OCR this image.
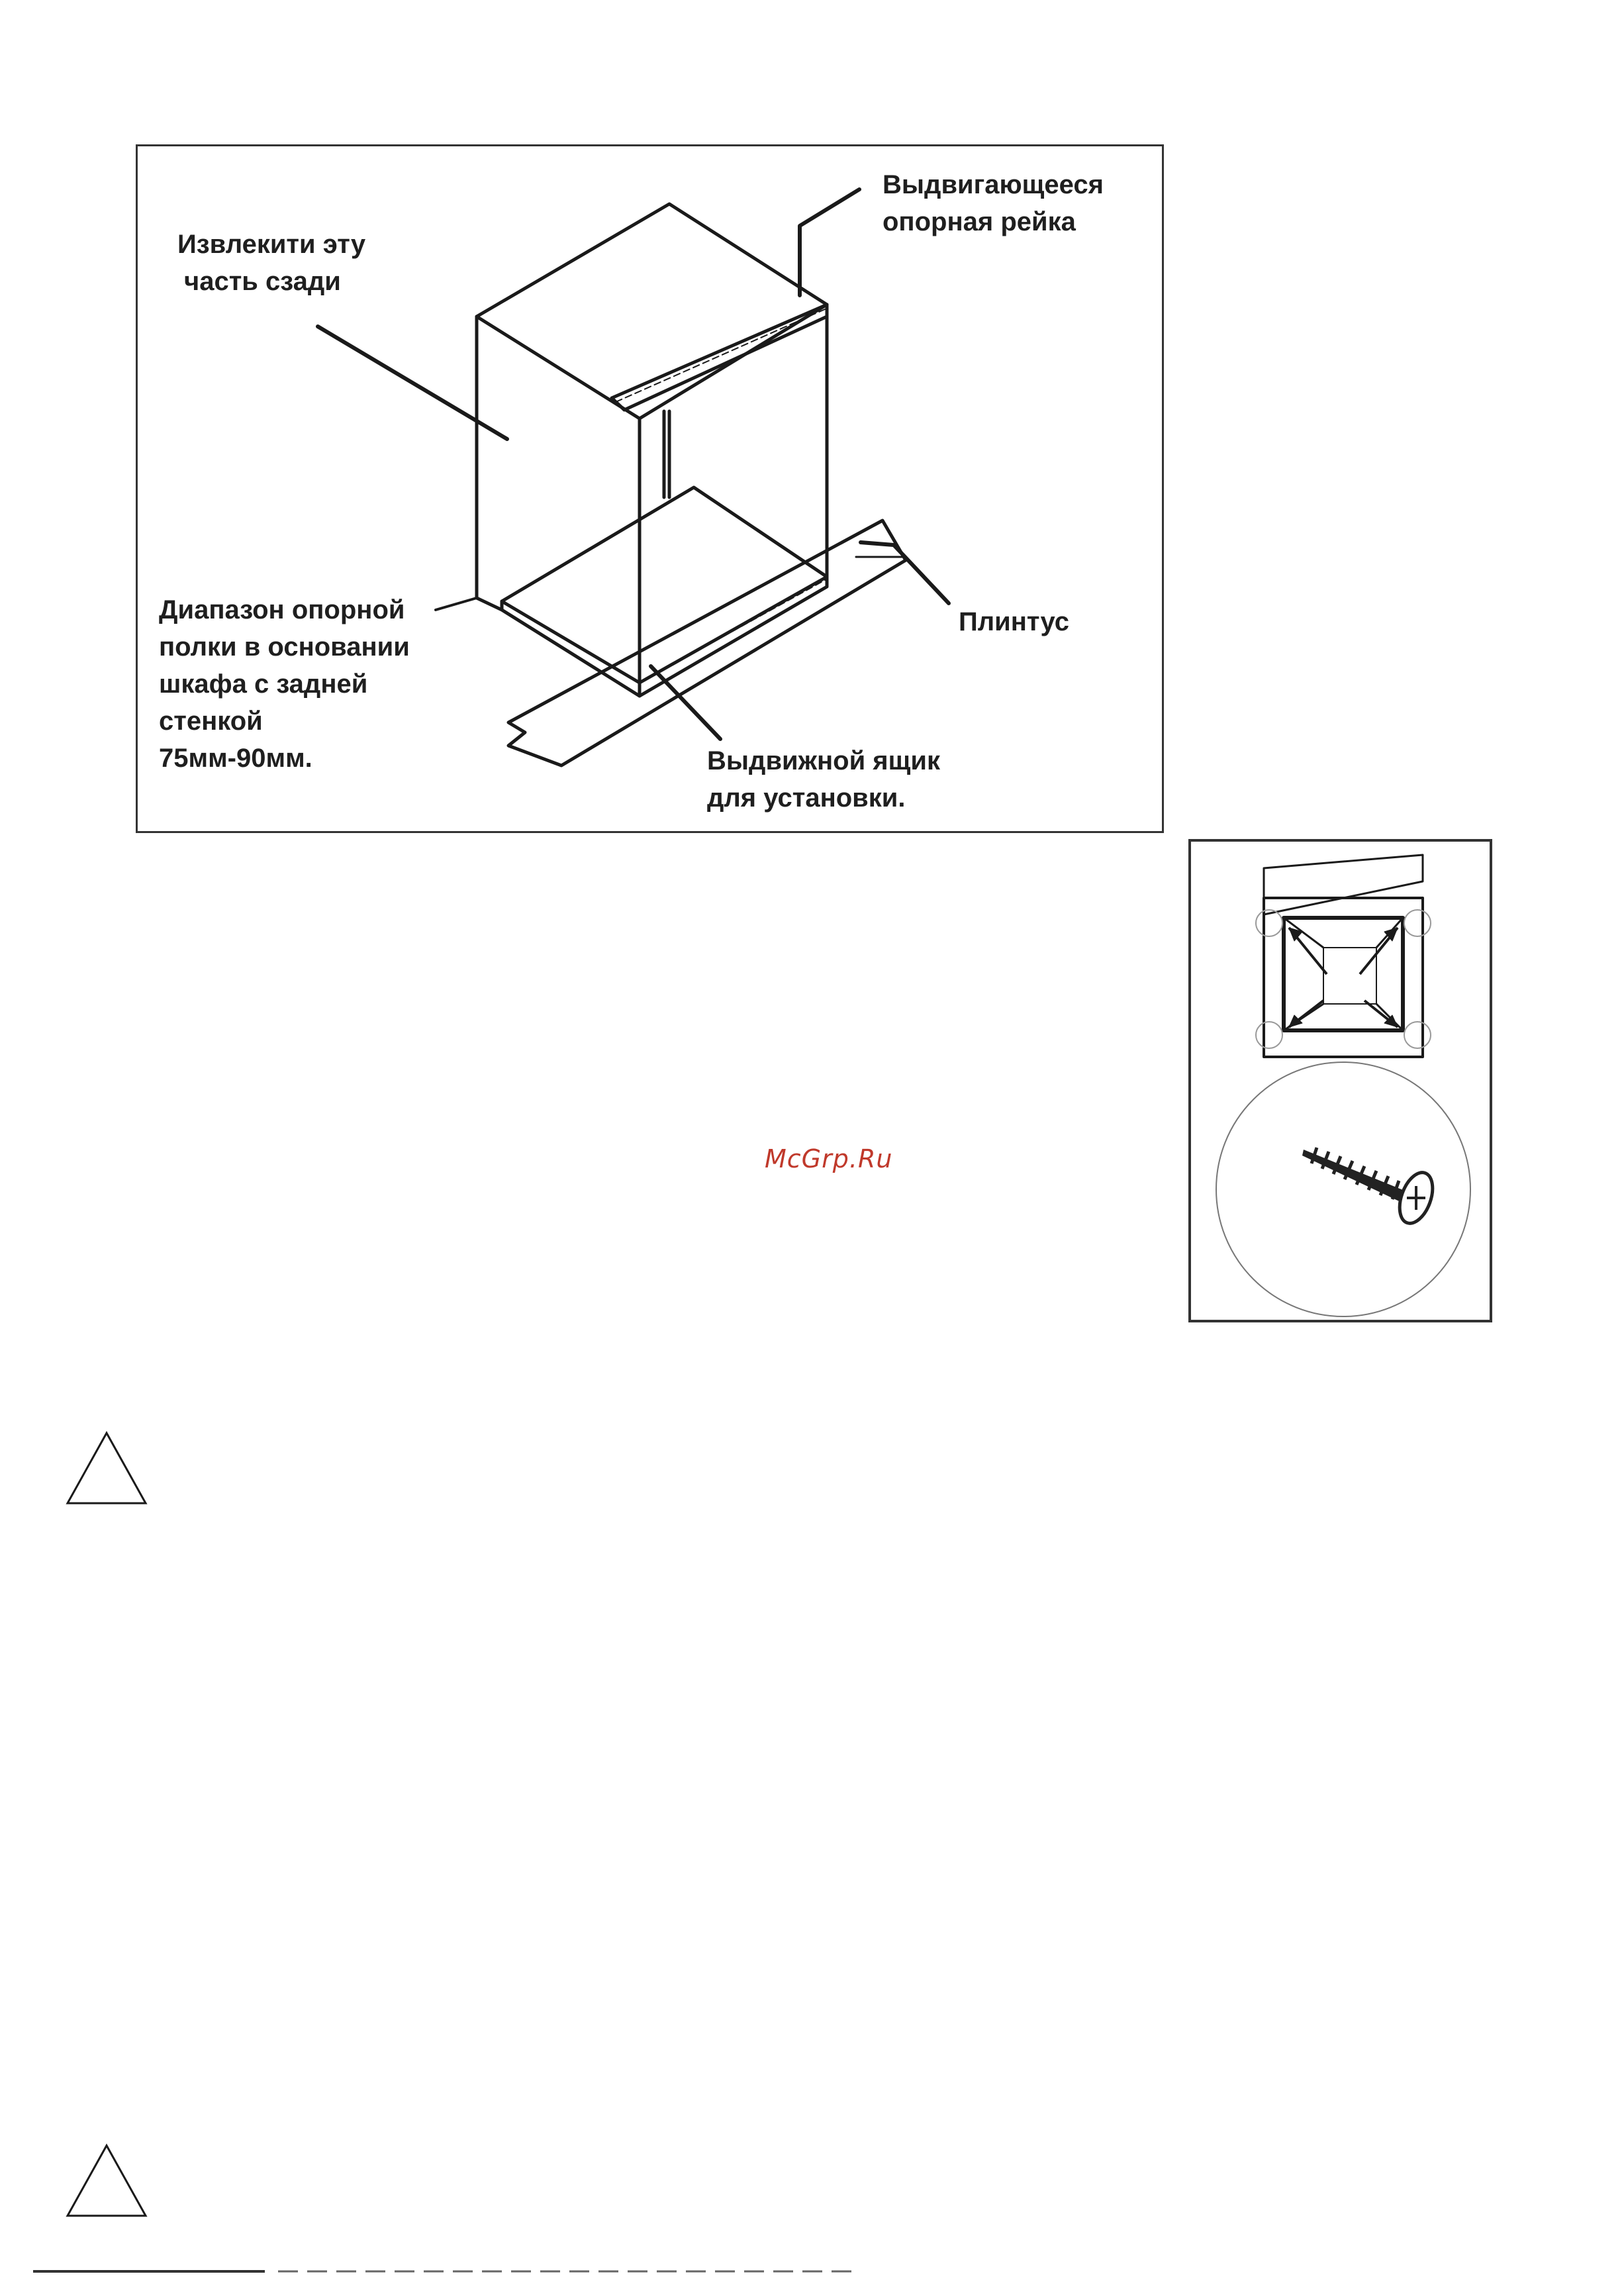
Извлекити эту
часть сзади
Выдвигающееся
опорная рейка
Диапазон опорной
полки в основании
шкафа с задней
стенкой
75мм-90мм.
Плинтус
Выдвижной ящик
для установки.
McGrp.Ru
